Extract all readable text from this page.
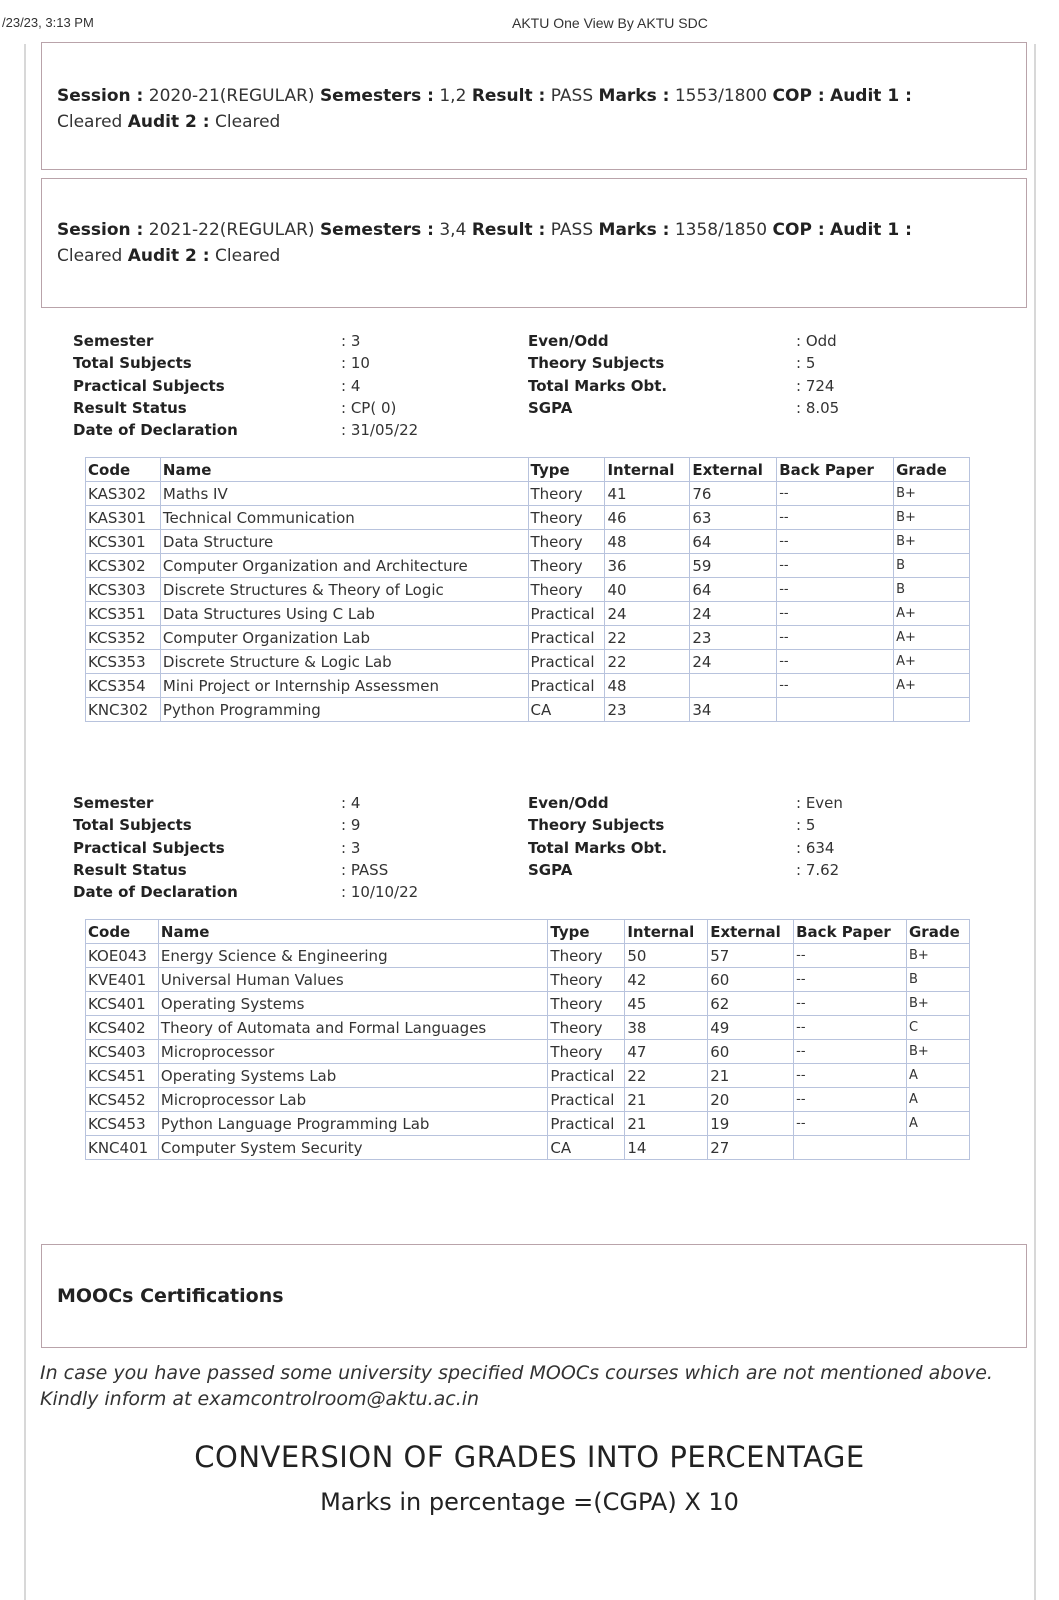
/23/23, 3:13 PM	AKTU One View By AKTU SDC

Session : 2020-21(REGULAR) Semesters : 1,2 Result : PASS Marks : 1553/1800 COP : Audit 1 :
Cleared Audit 2 : Cleared

Session : 2021-22(REGULAR) Semesters : 3,4 Result : PASS Marks : 1358/1850 COP : Audit 1 :
Cleared Audit 2 : Cleared

Semester	: 3	Even/Odd	: Odd
Total Subjects	: 10	Theory Subjects	: 5
Practical Subjects	: 4	Total Marks Obt.	: 724
Result Status	: CP( 0)	SGPA	: 8.05
Date of Declaration	: 31/05/22
Code	Name	Type	Internal	External	Back Paper	Grade
KAS302	Maths IV	Theory	41	76	--	B+
KAS301	Technical Communication	Theory	46	63	--	B+
KCS301	Data Structure	Theory	48	64	--	B+
KCS302	Computer Organization and Architecture	Theory	36	59	--	B
KCS303	Discrete Structures & Theory of Logic	Theory	40	64	--	B
KCS351	Data Structures Using C Lab	Practical	24	24	--	A+
KCS352	Computer Organization Lab	Practical	22	23	--	A+
KCS353	Discrete Structure & Logic Lab	Practical	22	24	--	A+
KCS354	Mini Project or Internship Assessmen	Practical	48		--	A+
KNC302	Python Programming	CA	23	34		
Semester	: 4	Even/Odd	: Even
Total Subjects	: 9	Theory Subjects	: 5
Practical Subjects	: 3	Total Marks Obt.	: 634
Result Status	: PASS	SGPA	: 7.62
Date of Declaration	: 10/10/22
Code	Name	Type	Internal	External	Back Paper	Grade
KOE043	Energy Science & Engineering	Theory	50	57	--	B+
KVE401	Universal Human Values	Theory	42	60	--	B
KCS401	Operating Systems	Theory	45	62	--	B+
KCS402	Theory of Automata and Formal Languages	Theory	38	49	--	C
KCS403	Microprocessor	Theory	47	60	--	B+
KCS451	Operating Systems Lab	Practical	22	21	--	A
KCS452	Microprocessor Lab	Practical	21	20	--	A
KCS453	Python Language Programming Lab	Practical	21	19	--	A
KNC401	Computer System Security	CA	14	27		
MOOCs Certifications
In case you have passed some university specified MOOCs courses which are not mentioned above.
Kindly inform at examcontrolroom@aktu.ac.in
CONVERSION OF GRADES INTO PERCENTAGE
Marks in percentage =(CGPA) X 10
